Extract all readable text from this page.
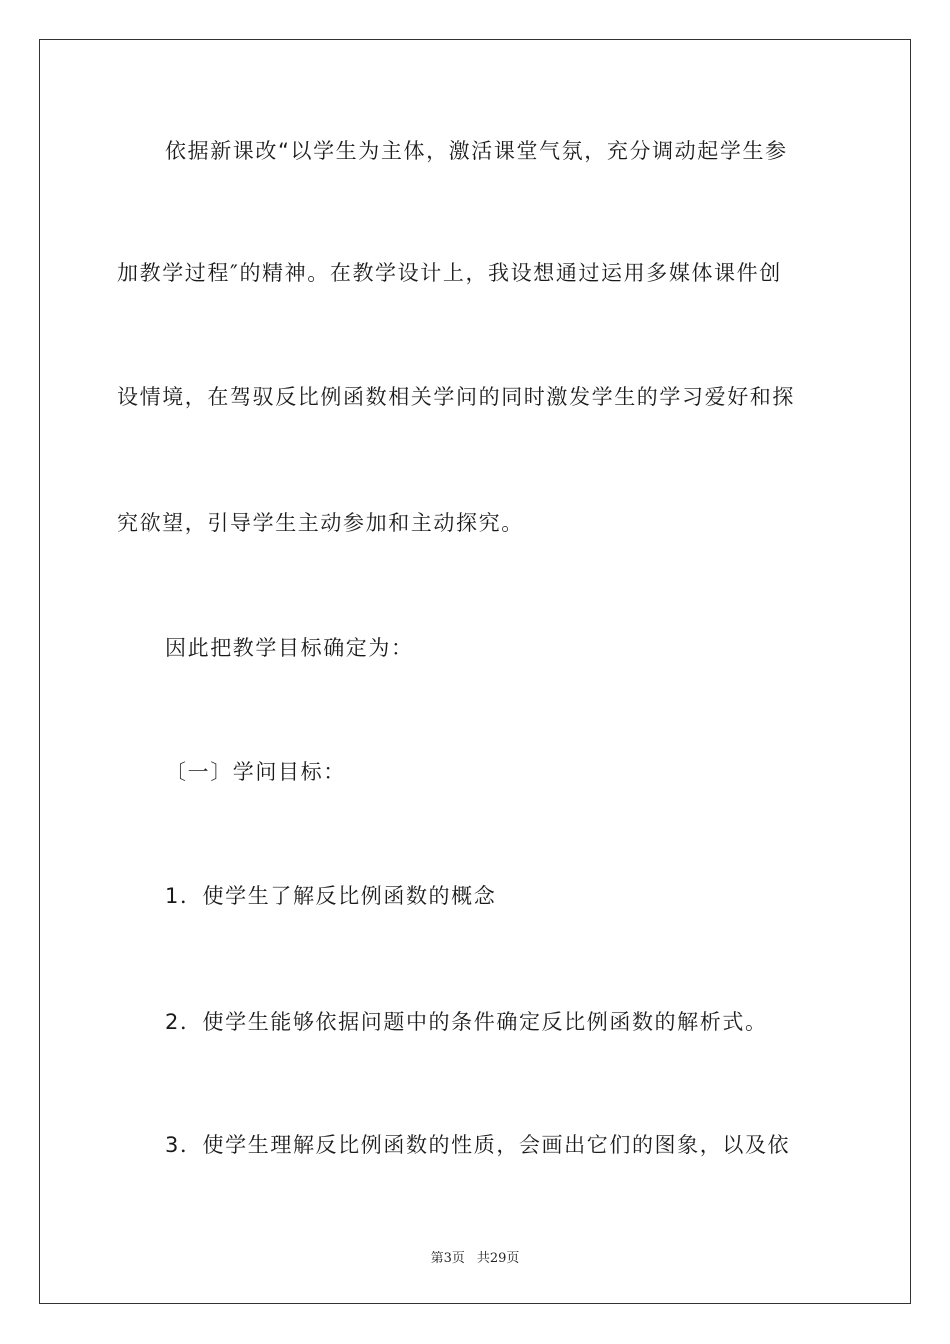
依据新课改“以学生为主体，激活课堂气氛，充分调动起学生参
加教学过程″的精神。在教学设计上，我设想通过运用多媒体课件创
设情境，在驾驭反比例函数相关学问的同时激发学生的学习爱好和探
究欲望，引导学生主动参加和主动探究。
因此把教学目标确定为：
〔一〕学问目标：
1．使学生了解反比例函数的概念
2．使学生能够依据问题中的条件确定反比例函数的解析式。
3．使学生理解反比例函数的性质，会画出它们的图象，以及依
第3页 共29页
